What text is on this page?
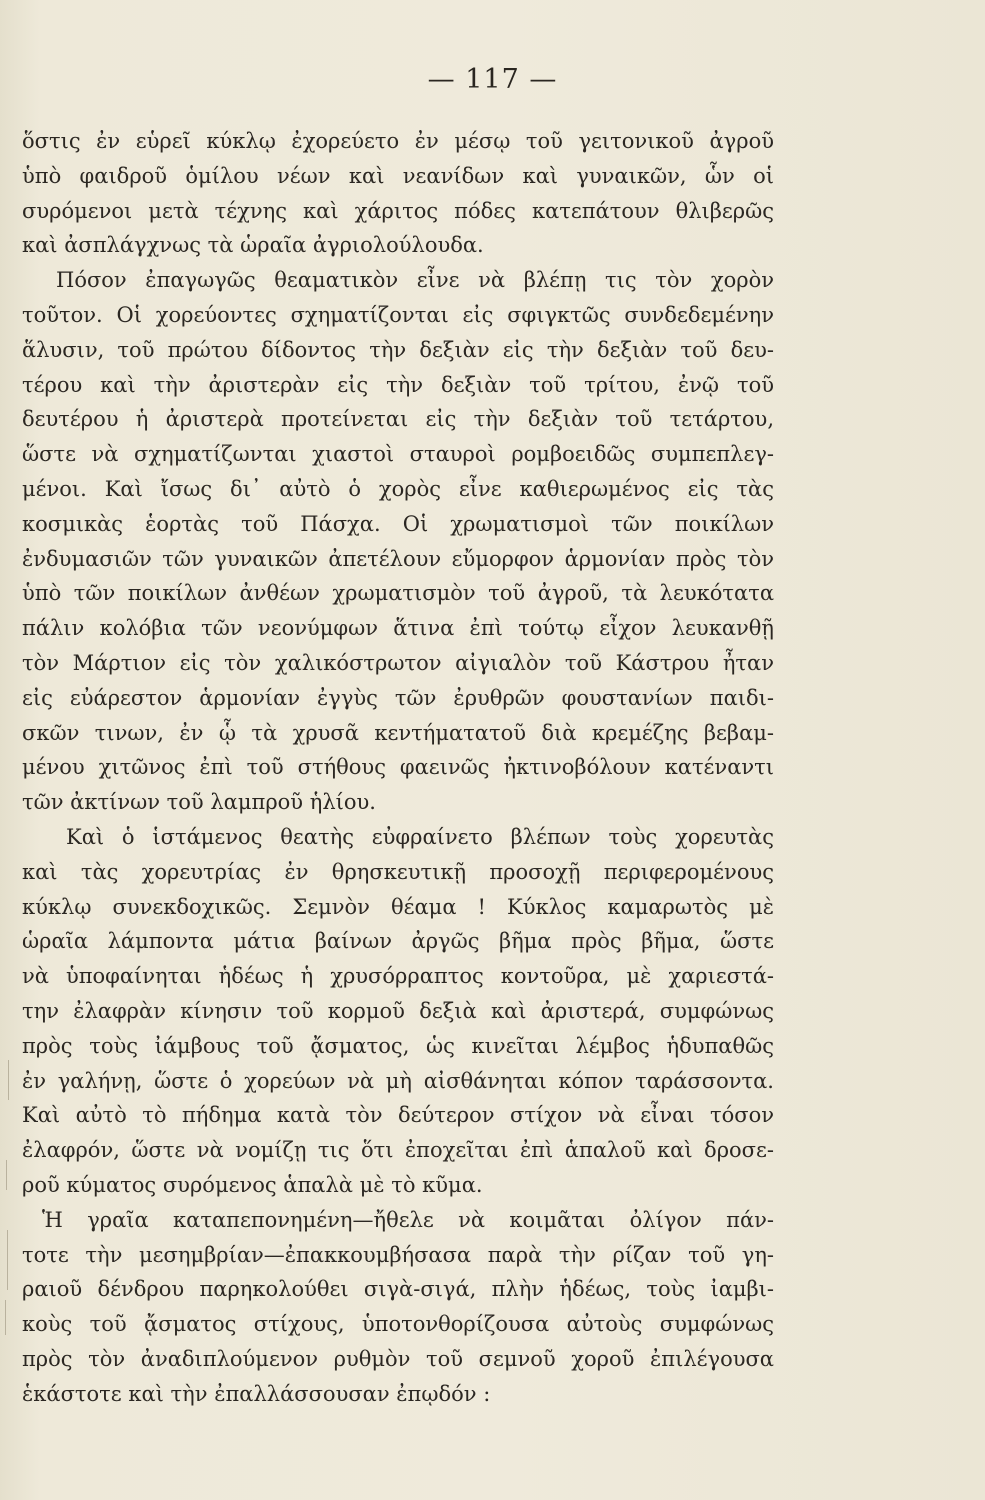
— 117 —
ὅστις ἐν εὑρεῖ κύκλῳ ἐχορεύετο ἐν μέσῳ τοῦ γειτονικοῦ ἀγροῦ
ὑπὸ φαιδροῦ ὁμίλου νέων καὶ νεανίδων καὶ γυναικῶν, ὧν οἱ
συρόμενοι μετὰ τέχνης καὶ χάριτος πόδες κατεπάτουν θλιβερῶς
καὶ ἀσπλάγχνως τὰ ὡραῖα ἀγριολούλουδα.
Πόσον ἐπαγωγῶς θεαματικὸν εἶνε νὰ βλέπῃ τις τὸν χορὸν
τοῦτον. Οἱ χορεύοντες σχηματίζονται εἰς σφιγκτῶς συνδεδεμένην
ἅλυσιν, τοῦ πρώτου δίδοντος τὴν δεξιὰν εἰς τὴν δεξιὰν τοῦ δευ-
τέρου καὶ τὴν ἀριστερὰν εἰς τὴν δεξιὰν τοῦ τρίτου, ἐνῷ τοῦ
δευτέρου ἡ ἀριστερὰ προτείνεται εἰς τὴν δεξιὰν τοῦ τετάρτου,
ὥστε νὰ σχηματίζωνται χιαστοὶ σταυροὶ ρομβοειδῶς συμπεπλεγ-
μένοι. Καὶ ἴσως δι᾽ αὐτὸ ὁ χορὸς εἶνε καθιερωμένος εἰς τὰς
κοσμικὰς ἑορτὰς τοῦ Πάσχα. Οἱ χρωματισμοὶ τῶν ποικίλων
ἐνδυμασιῶν τῶν γυναικῶν ἀπετέλουν εὔμορφον ἁρμονίαν πρὸς τὸν
ὑπὸ τῶν ποικίλων ἀνθέων χρωματισμὸν τοῦ ἀγροῦ, τὰ λευκότατα
πάλιν κολόβια τῶν νεονύμφων ἅτινα ἐπὶ τούτῳ εἶχον λευκανθῇ
τὸν Μάρτιον εἰς τὸν χαλικόστρωτον αἰγιαλὸν τοῦ Κάστρου ἦταν
εἰς εὐάρεστον ἁρμονίαν ἐγγὺς τῶν ἐρυθρῶν φουστανίων παιδι-
σκῶν τινων, ἐν ᾧ τὰ χρυσᾶ κεντήματατοῦ διὰ κρεμέζης βεβαμ-
μένου χιτῶνος ἐπὶ τοῦ στήθους φαεινῶς ἠκτινοβόλουν κατέναντι
τῶν ἀκτίνων τοῦ λαμπροῦ ἡλίου.
Καὶ ὁ ἱστάμενος θεατὴς εὐφραίνετο βλέπων τοὺς χορευτὰς
καὶ τὰς χορευτρίας ἐν θρησκευτικῇ προσοχῇ περιφερομένους
κύκλῳ συνεκδοχικῶς. Σεμνὸν θέαμα ! Κύκλος καμαρωτὸς μὲ
ὡραῖα λάμποντα μάτια βαίνων ἀργῶς βῆμα πρὸς βῆμα, ὥστε
νὰ ὑποφαίνηται ἡδέως ἡ χρυσόρραπτος κοντοῦρα, μὲ χαριεστά-
την ἐλαφρὰν κίνησιν τοῦ κορμοῦ δεξιὰ καὶ ἀριστερά, συμφώνως
πρὸς τοὺς ἰάμβους τοῦ ᾄσματος, ὡς κινεῖται λέμβος ἡδυπαθῶς
ἐν γαλήνῃ, ὥστε ὁ χορεύων νὰ μὴ αἰσθάνηται κόπον ταράσσοντα.
Καὶ αὐτὸ τὸ πήδημα κατὰ τὸν δεύτερον στίχον νὰ εἶναι τόσον
ἐλαφρόν, ὥστε νὰ νομίζῃ τις ὅτι ἐποχεῖται ἐπὶ ἁπαλοῦ καὶ δροσε-
ροῦ κύματος συρόμενος ἁπαλὰ μὲ τὸ κῦμα.
Ἡ γραῖα καταπεπονημένη—ἤθελε νὰ κοιμᾶται ὀλίγον πάν-
τοτε τὴν μεσημβρίαν—ἐπακκουμβήσασα παρὰ τὴν ρίζαν τοῦ γη-
ραιοῦ δένδρου παρηκολούθει σιγὰ-σιγά, πλὴν ἡδέως, τοὺς ἰαμβι-
κοὺς τοῦ ᾄσματος στίχους, ὑποτονθορίζουσα αὐτοὺς συμφώνως
πρὸς τὸν ἀναδιπλούμενον ρυθμὸν τοῦ σεμνοῦ χοροῦ ἐπιλέγουσα
ἑκάστοτε καὶ τὴν ἐπαλλάσσουσαν ἐπῳδόν :
